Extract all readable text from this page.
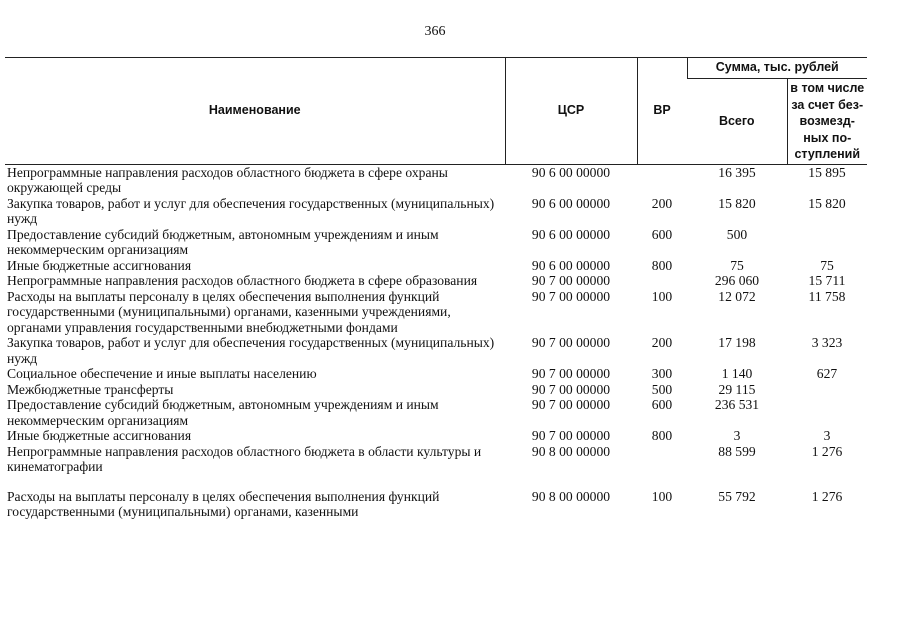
366
Наименование	ЦСР	ВР	Сумма, тыс. рублей	
			Всего	в том числе
за счет без-
возмезд-
ных по-
ступлений

Непрограммные направления расходов областного бюджета в сфере охраны окружающей среды	90 6 00 00000		16 395	15 895
Закупка товаров, работ и услуг для обеспечения государственных (муниципальных) нужд	90 6 00 00000	200	15 820	15 820
Предоставление субсидий бюджетным, автономным учреждениям и иным некоммерческим организациям	90 6 00 00000	600	500	
Иные бюджетные ассигнования	90 6 00 00000	800	75	75
Непрограммные направления расходов областного бюджета в сфере образования	90 7 00 00000		296 060	15 711
Расходы на выплаты персоналу в целях обеспечения выполнения функций государственными (муниципальными) органами, казенными учреждениями, органами управления государственными внебюджетными фондами	90 7 00 00000	100	12 072	11 758
Закупка товаров, работ и услуг для обеспечения государственных (муниципальных) нужд	90 7 00 00000	200	17 198	3 323
Социальное обеспечение и иные выплаты населению	90 7 00 00000	300	1 140	627
Межбюджетные трансферты	90 7 00 00000	500	29 115	
Предоставление субсидий бюджетным, автономным учреждениям и иным некоммерческим организациям	90 7 00 00000	600	236 531	
Иные бюджетные ассигнования	90 7 00 00000	800	3	3
Непрограммные направления расходов областного бюджета в области культуры и кинематографии	90 8 00 00000		88 599	1 276
Расходы на выплаты персоналу в целях обеспечения выполнения функций государственными (муниципальными) органами, казенными	90 8 00 00000	100	55 792	1 276
